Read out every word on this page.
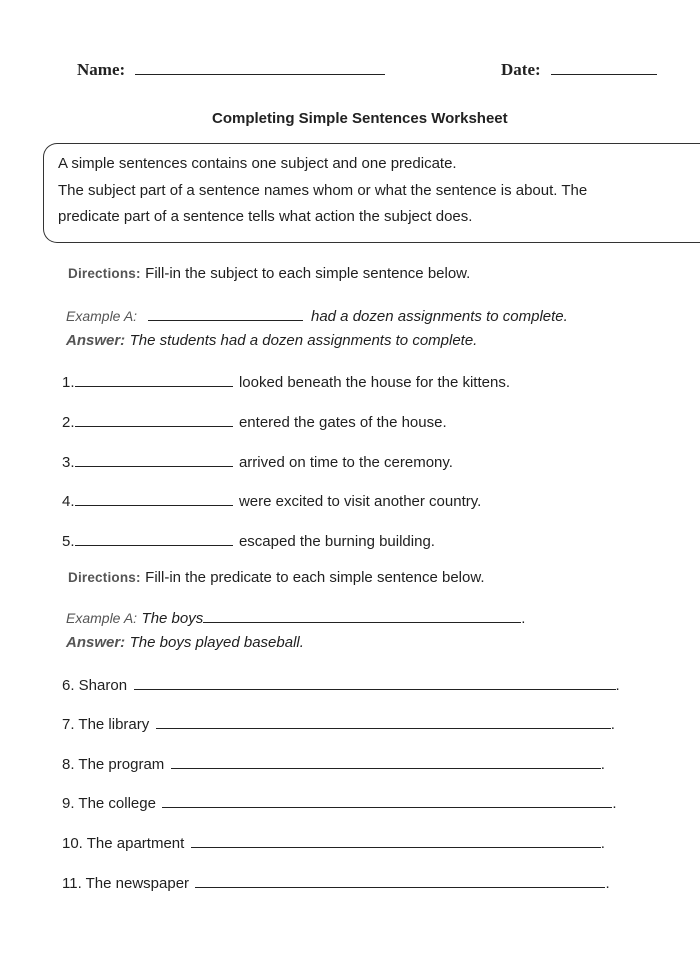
Name:	Date:
Completing Simple Sentences Worksheet
A simple sentences contains one subject and one predicate.
The subject part of a sentence names whom or what the sentence is about. The
predicate part of a sentence tells what action the subject does.
Directions: Fill-in the subject to each simple sentence below.
Example A:	had a dozen assignments to complete.
Answer: The students had a dozen assignments to complete.
1.	looked beneath the house for the kittens.
2.	entered the gates of the house.
3.	arrived on time to the ceremony.
4.	were excited to visit another country.
5.	escaped the burning building.
Directions: Fill-in the predicate to each simple sentence below.
Example A: The boys	.
Answer: The boys played baseball.
6. Sharon	.
7. The library	.
8. The program	.
9. The college	.
10. The apartment	.
11. The newspaper	.
